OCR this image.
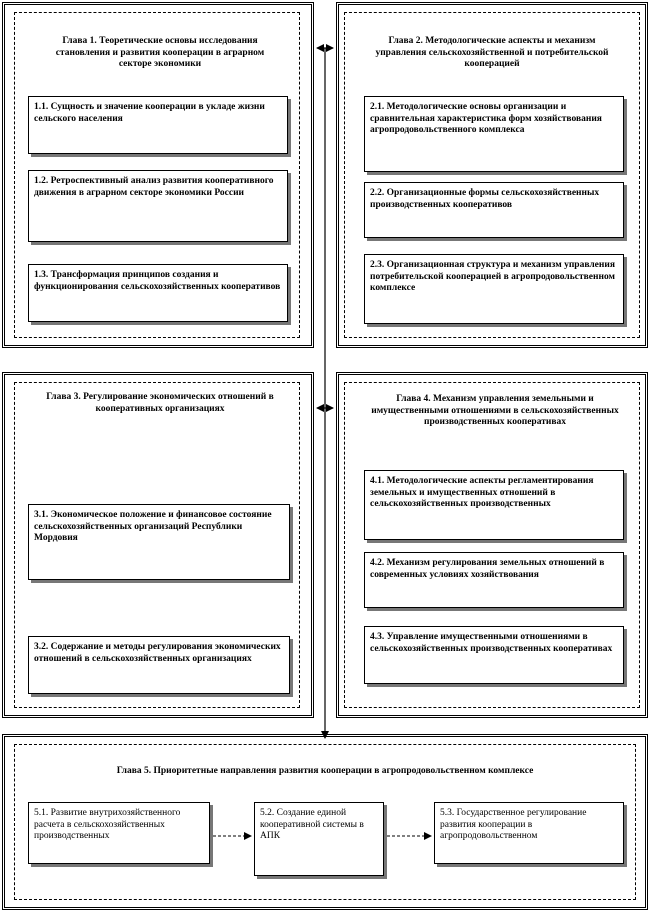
Глава 1. Теоретические основы исследования становления и развития кооперации в аграрном секторе экономики
1.1. Сущность и значение кооперации в укладе жизни сельского населения
1.2. Ретроспективный анализ развития кооперативного движения в аграрном секторе экономики России
1.3. Трансформация принципов создания и функционирования сельскохозяйственных кооперативов
Глава 2. Методологические аспекты и механизм управления сельскохозяйственной и потребительской кооперацией
2.1. Методологические основы организации и сравнительная характеристика форм хозяйствования агропродовольственного комплекса
2.2. Организационные формы сельскохозяйственных производственных кооперативов
2.3. Организационная структура и механизм управления потребительской кооперацией в агропродовольственном комплексе
Глава 3. Регулирование экономических отношений в кооперативных организациях
3.1. Экономическое положение и финансовое состояние сельскохозяйственных организаций Республики Мордовия
3.2. Содержание и методы регулирования экономических отношений в сельскохозяйственных организациях
Глава 4. Механизм управления земельными и имущественными отношениями в сельскохозяйственных производственных кооперативах
4.1. Методологические аспекты регламентирования земельных и имущественных отношений в сельскохозяйственных производственных
4.2. Механизм регулирования земельных отношений в современных условиях хозяйствования
4.3. Управление имущественными отношениями в сельскохозяйственных производственных кооперативах
Глава 5. Приоритетные направления развития кооперации в агропродовольственном комплексе
5.1. Развитие внутрихозяйственного расчета в сельскохозяйственных производственных
5.2. Создание единой кооперативной системы в АПК
5.3. Государственное регулирование развития кооперации в агропродовольственном
